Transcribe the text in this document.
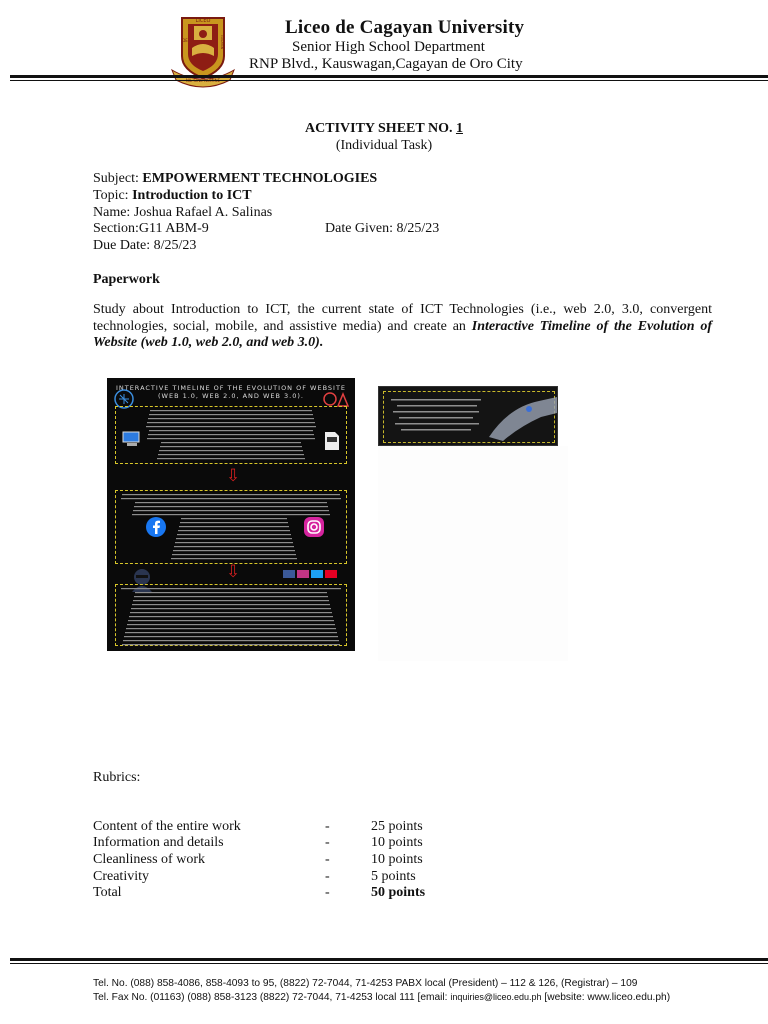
LICEO
DE	CAGAYAN
Liceo de Cagayan University
Senior High School Department
RNP Blvd., Kauswagan,Cagayan de Oro City
ACTIVITY SHEET NO. 1
(Individual Task)
Subject: EMPOWERMENT TECHNOLOGIES
Topic: Introduction to ICT
Name: Joshua Rafael A. Salinas
Section:G11 ABM-9	Date Given: 8/25/23
Due Date: 8/25/23
Paperwork
Study about Introduction to ICT, the current state of ICT Technologies (i.e., web 2.0, 3.0, convergent technologies, social, mobile, and assistive media) and create an Interactive Timeline of the Evolution of Website (web 1.0, web 2.0, and web 3.0).
INTERACTIVE TIMELINE OF THE EVOLUTION OF WEBSITE
(WEB 1.0, WEB 2.0, AND WEB 3.0).
⇩
⇩
Rubrics:
Content of the entire work	-	25 points
Information and details	-	10 points
Cleanliness of work	-	10 points
Creativity	-	5 points
Total	-	50 points
Tel. No. (088) 858-4086, 858-4093 to 95, (8822) 72-7044, 71-4253 PABX local (President) – 112 & 126, (Registrar) – 109
Tel. Fax No. (01163) (088) 858-3123 (8822) 72-7044, 71-4253 local 111 [email: inquiries@liceo.edu.ph [website: www.liceo.edu.ph)
